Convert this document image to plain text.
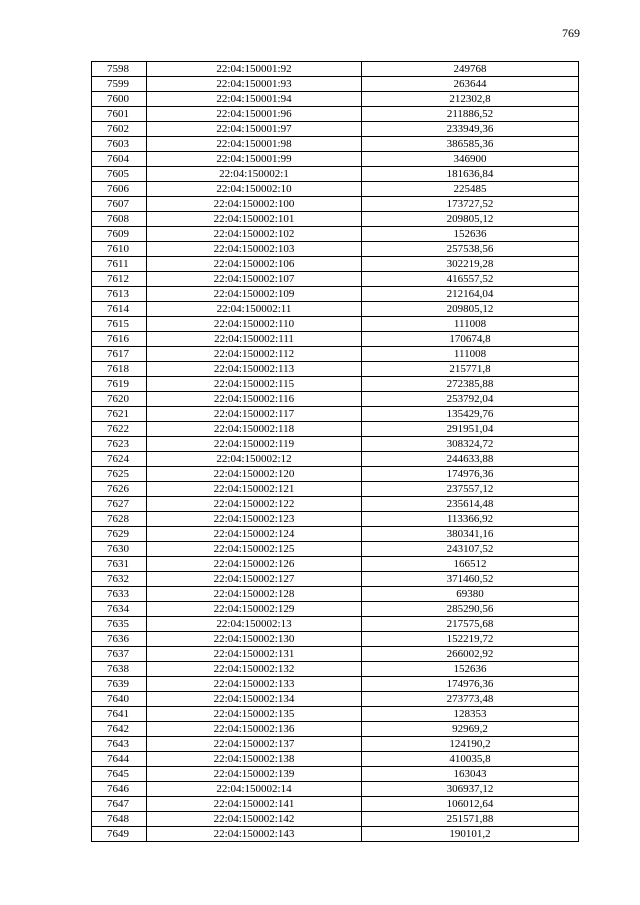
769
7598	22:04:150001:92	249768
7599	22:04:150001:93	263644
7600	22:04:150001:94	212302,8
7601	22:04:150001:96	211886,52
7602	22:04:150001:97	233949,36
7603	22:04:150001:98	386585,36
7604	22:04:150001:99	346900
7605	22:04:150002:1	181636,84
7606	22:04:150002:10	225485
7607	22:04:150002:100	173727,52
7608	22:04:150002:101	209805,12
7609	22:04:150002:102	152636
7610	22:04:150002:103	257538,56
7611	22:04:150002:106	302219,28
7612	22:04:150002:107	416557,52
7613	22:04:150002:109	212164,04
7614	22:04:150002:11	209805,12
7615	22:04:150002:110	111008
7616	22:04:150002:111	170674,8
7617	22:04:150002:112	111008
7618	22:04:150002:113	215771,8
7619	22:04:150002:115	272385,88
7620	22:04:150002:116	253792,04
7621	22:04:150002:117	135429,76
7622	22:04:150002:118	291951,04
7623	22:04:150002:119	308324,72
7624	22:04:150002:12	244633,88
7625	22:04:150002:120	174976,36
7626	22:04:150002:121	237557,12
7627	22:04:150002:122	235614,48
7628	22:04:150002:123	113366,92
7629	22:04:150002:124	380341,16
7630	22:04:150002:125	243107,52
7631	22:04:150002:126	166512
7632	22:04:150002:127	371460,52
7633	22:04:150002:128	69380
7634	22:04:150002:129	285290,56
7635	22:04:150002:13	217575,68
7636	22:04:150002:130	152219,72
7637	22:04:150002:131	266002,92
7638	22:04:150002:132	152636
7639	22:04:150002:133	174976,36
7640	22:04:150002:134	273773,48
7641	22:04:150002:135	128353
7642	22:04:150002:136	92969,2
7643	22:04:150002:137	124190,2
7644	22:04:150002:138	410035,8
7645	22:04:150002:139	163043
7646	22:04:150002:14	306937,12
7647	22:04:150002:141	106012,64
7648	22:04:150002:142	251571,88
7649	22:04:150002:143	190101,2
